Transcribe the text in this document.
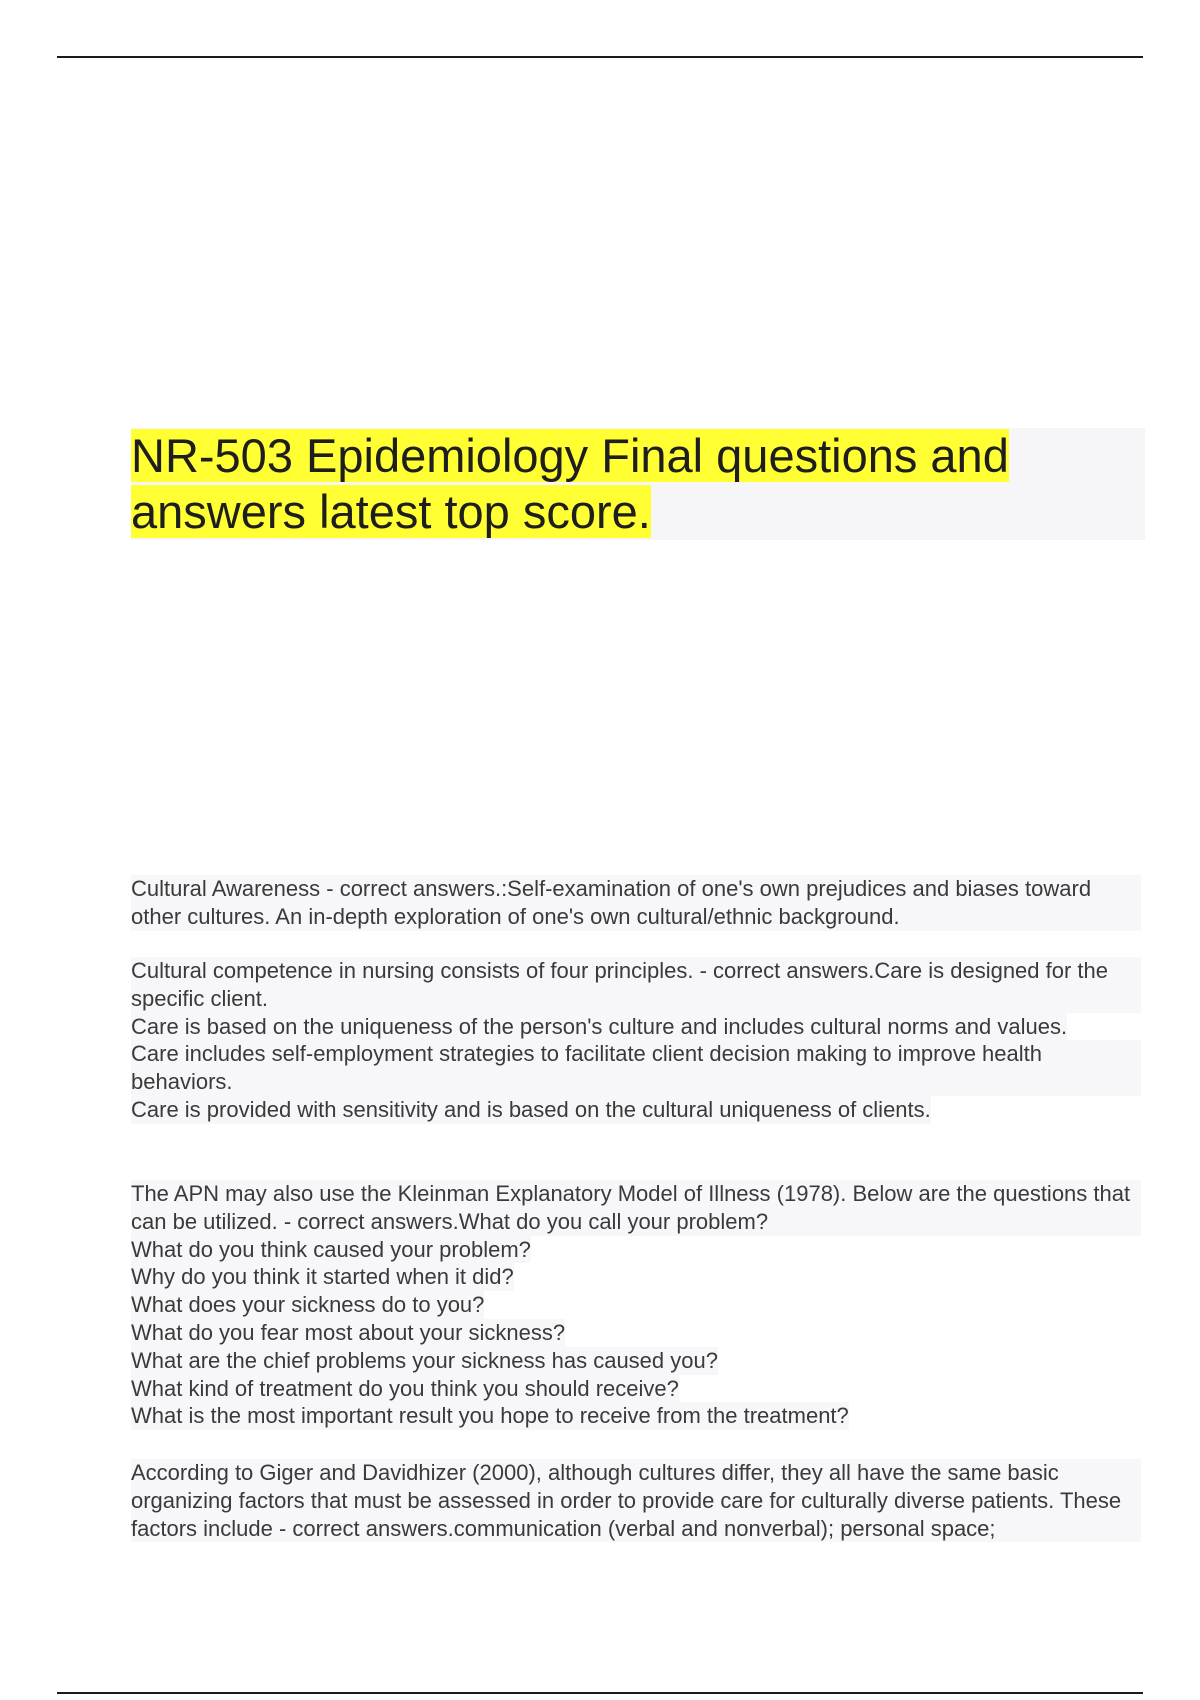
NR-503 Epidemiology Final questions and answers latest top score.

Cultural Awareness - correct answers.:Self-examination of one's own prejudices and biases toward other cultures. An in-depth exploration of one's own cultural/ethnic background.

Cultural competence in nursing consists of four principles. - correct answers.Care is designed for the specific client.

Care is based on the uniqueness of the person's culture and includes cultural norms and values.

Care includes self-employment strategies to facilitate client decision making to improve health behaviors.

Care is provided with sensitivity and is based on the cultural uniqueness of clients.

The APN may also use the Kleinman Explanatory Model of Illness (1978). Below are the questions that can be utilized. - correct answers.What do you call your problem?

What do you think caused your problem?

Why do you think it started when it did?

What does your sickness do to you?

What do you fear most about your sickness?

What are the chief problems your sickness has caused you?

What kind of treatment do you think you should receive?

What is the most important result you hope to receive from the treatment?

According to Giger and Davidhizer (2000), although cultures differ, they all have the same basic organizing factors that must be assessed in order to provide care for culturally diverse patients. These factors include - correct answers.communication (verbal and nonverbal); personal space;
